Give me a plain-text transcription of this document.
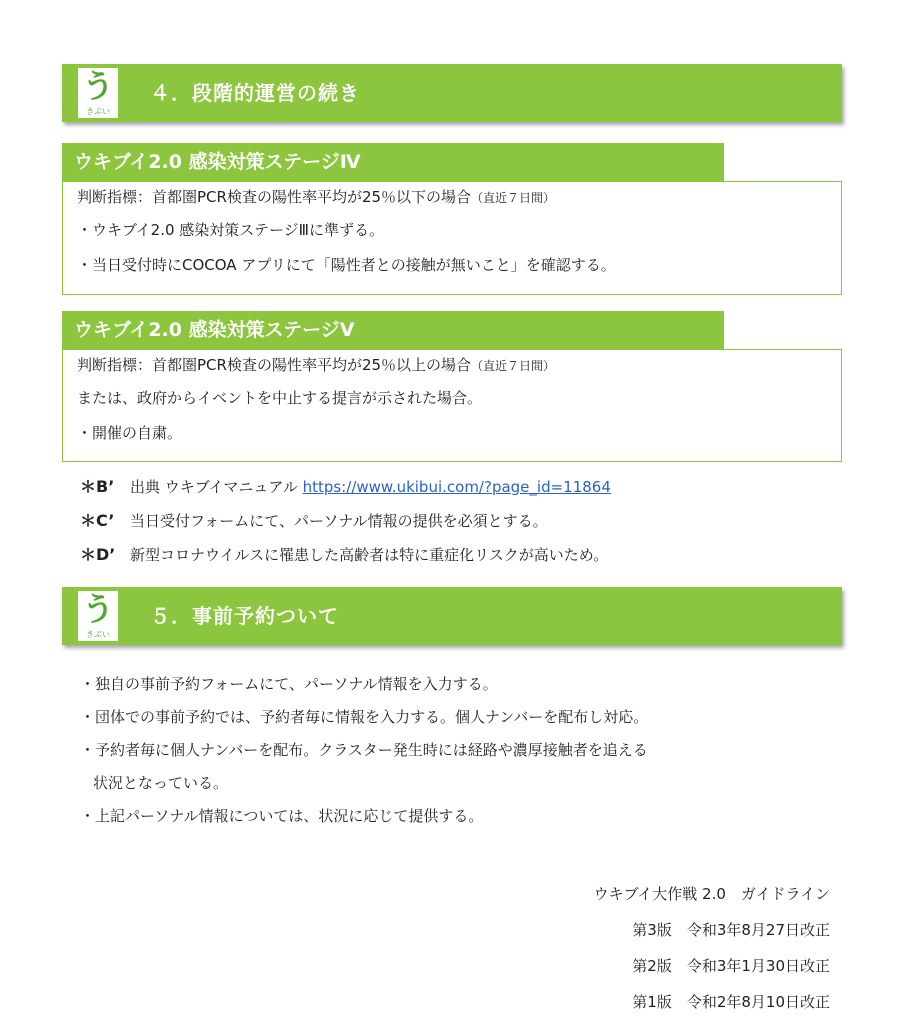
う
きぶい
４．段階的運営の続き
ウキブイ2.0 感染対策ステージⅣ
判断指標：首都圏PCR検査の陽性率平均が25％以下の場合（直近７日間）
・ウキブイ2.0 感染対策ステージⅢに準ずる。
・当日受付時にCOCOA アプリにて「陽性者との接触が無いこと」を確認する。
ウキブイ2.0 感染対策ステージⅤ
判断指標：首都圏PCR検査の陽性率平均が25％以上の場合（直近７日間）
または、政府からイベントを中止する提言が示された場合。
・開催の自粛。
＊B’ 出典 ウキブイマニュアル https://www.ukibui.com/?page_id=11864
＊C’ 当日受付フォームにて、パーソナル情報の提供を必須とする。
＊D’ 新型コロナウイルスに罹患した高齢者は特に重症化リスクが高いため。
う
きぶい
５．事前予約ついて
・独自の事前予約フォームにて、パーソナル情報を入力する。
・団体での事前予約では、予約者毎に情報を入力する。個人ナンバーを配布し対応。
・予約者毎に個人ナンバーを配布。クラスター発生時には経路や濃厚接触者を追える
状況となっている。
・上記パーソナル情報については、状況に応じて提供する。
ウキブイ大作戦 2.0　ガイドライン
第3版　令和3年8月27日改正
第2版　令和3年1月30日改正
第1版　令和2年8月10日改正
